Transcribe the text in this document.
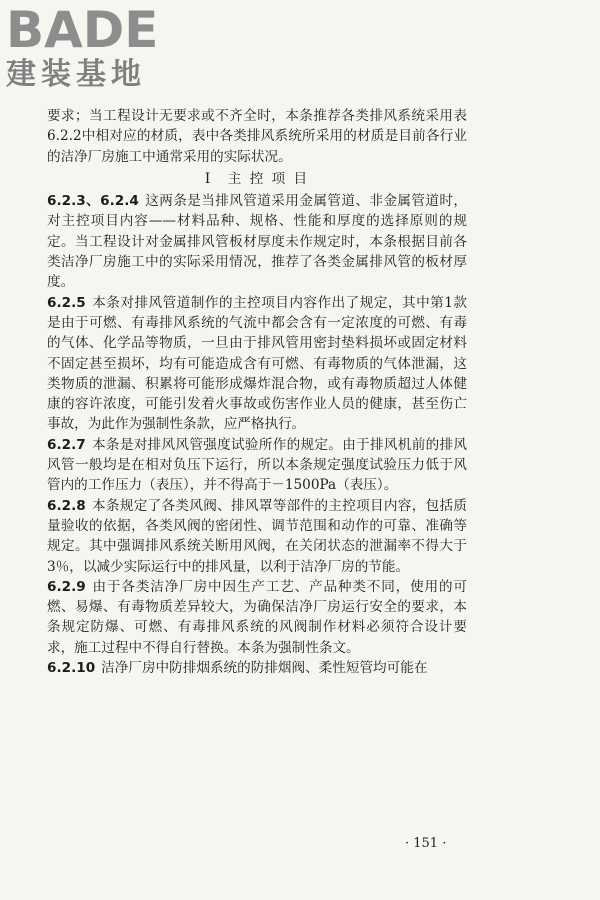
BADE
建装基地

要求；当工程设计无要求或不齐全时，本条推荐各类排风系统采用表6.2.2中相对应的材质，表中各类排风系统所采用的材质是目前各行业的洁净厂房施工中通常采用的实际状况。

I　主 控 项 目

6.2.3、6.2.4 这两条是当排风管道采用金属管道、非金属管道时，对主控项目内容——材料品种、规格、性能和厚度的选择原则的规定。当工程设计对金属排风管板材厚度未作规定时，本条根据目前各类洁净厂房施工中的实际采用情况，推荐了各类金属排风管的板材厚度。

6.2.5 本条对排风管道制作的主控项目内容作出了规定，其中第1款是由于可燃、有毒排风系统的气流中都会含有一定浓度的可燃、有毒的气体、化学品等物质，一旦由于排风管用密封垫料损坏或固定材料不固定甚至损坏，均有可能造成含有可燃、有毒物质的气体泄漏，这类物质的泄漏、积累将可能形成爆炸混合物，或有毒物质超过人体健康的容许浓度，可能引发着火事故或伤害作业人员的健康，甚至伤亡事故，为此作为强制性条款，应严格执行。

6.2.7 本条是对排风风管强度试验所作的规定。由于排风机前的排风风管一般均是在相对负压下运行，所以本条规定强度试验压力低于风管内的工作压力（表压），并不得高于－1500Pa（表压）。

6.2.8 本条规定了各类风阀、排风罩等部件的主控项目内容，包括质量验收的依据，各类风阀的密闭性、调节范围和动作的可靠、准确等规定。其中强调排风系统关断用风阀，在关闭状态的泄漏率不得大于3％，以减少实际运行中的排风量，以利于洁净厂房的节能。

6.2.9 由于各类洁净厂房中因生产工艺、产品种类不同，使用的可燃、易爆、有毒物质差异较大，为确保洁净厂房运行安全的要求，本条规定防爆、可燃、有毒排风系统的风阀制作材料必须符合设计要求，施工过程中不得自行替换。本条为强制性条文。

6.2.10 洁净厂房中防排烟系统的防排烟阀、柔性短管均可能在

· 151 ·
